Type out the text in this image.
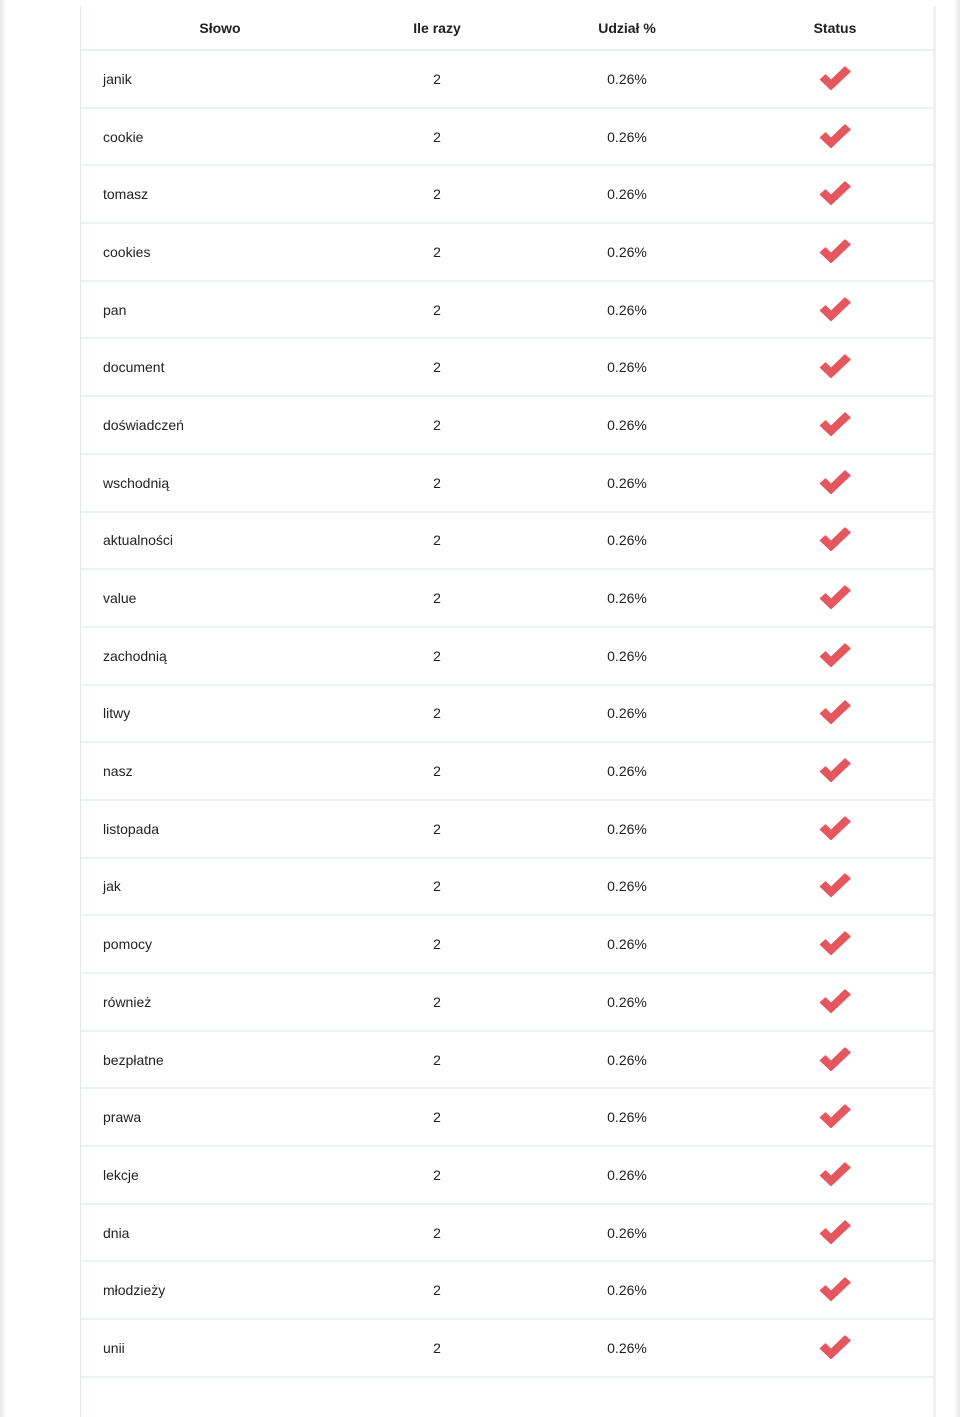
Słowo	Ile razy	Udział %	Status
janik	2	0.26%	
cookie	2	0.26%	
tomasz	2	0.26%	
cookies	2	0.26%	
pan	2	0.26%	
document	2	0.26%	
doświadczeń	2	0.26%	
wschodnią	2	0.26%	
aktualności	2	0.26%	
value	2	0.26%	
zachodnią	2	0.26%	
litwy	2	0.26%	
nasz	2	0.26%	
listopada	2	0.26%	
jak	2	0.26%	
pomocy	2	0.26%	
również	2	0.26%	
bezpłatne	2	0.26%	
prawa	2	0.26%	
lekcje	2	0.26%	
dnia	2	0.26%	
młodzieży	2	0.26%	
unii	2	0.26%	
